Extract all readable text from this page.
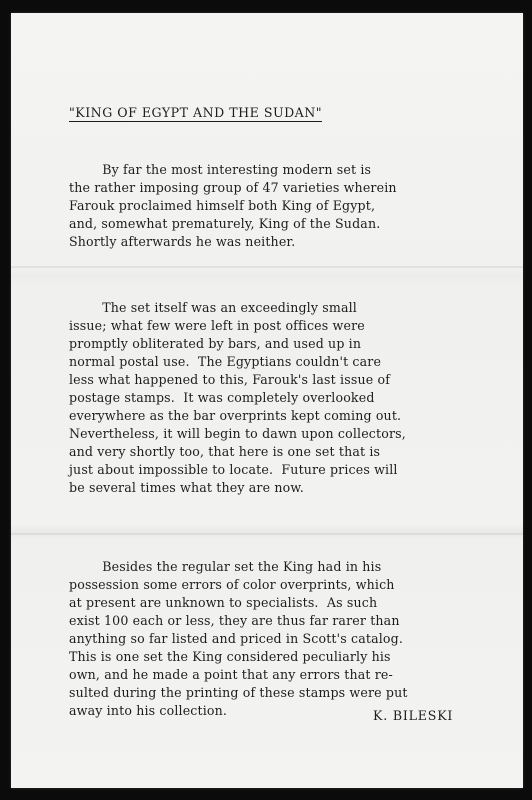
"KING OF EGYPT AND THE SUDAN"
By far the most interesting modern set is
the rather imposing group of 47 varieties wherein
Farouk proclaimed himself both King of Egypt,
and, somewhat prematurely, King of the Sudan.
Shortly afterwards he was neither.
The set itself was an exceedingly small
issue; what few were left in post offices were
promptly obliterated by bars, and used up in
normal postal use.  The Egyptians couldn't care
less what happened to this, Farouk's last issue of
postage stamps.  It was completely overlooked
everywhere as the bar overprints kept coming out.
Nevertheless, it will begin to dawn upon collectors,
and very shortly too, that here is one set that is
just about impossible to locate.  Future prices will
be several times what they are now.
Besides the regular set the King had in his
possession some errors of color overprints, which
at present are unknown to specialists.  As such
exist 100 each or less, they are thus far rarer than
anything so far listed and priced in Scott's catalog.
This is one set the King considered peculiarly his
own, and he made a point that any errors that re-
sulted during the printing of these stamps were put
away into his collection.	K. BILESKI
